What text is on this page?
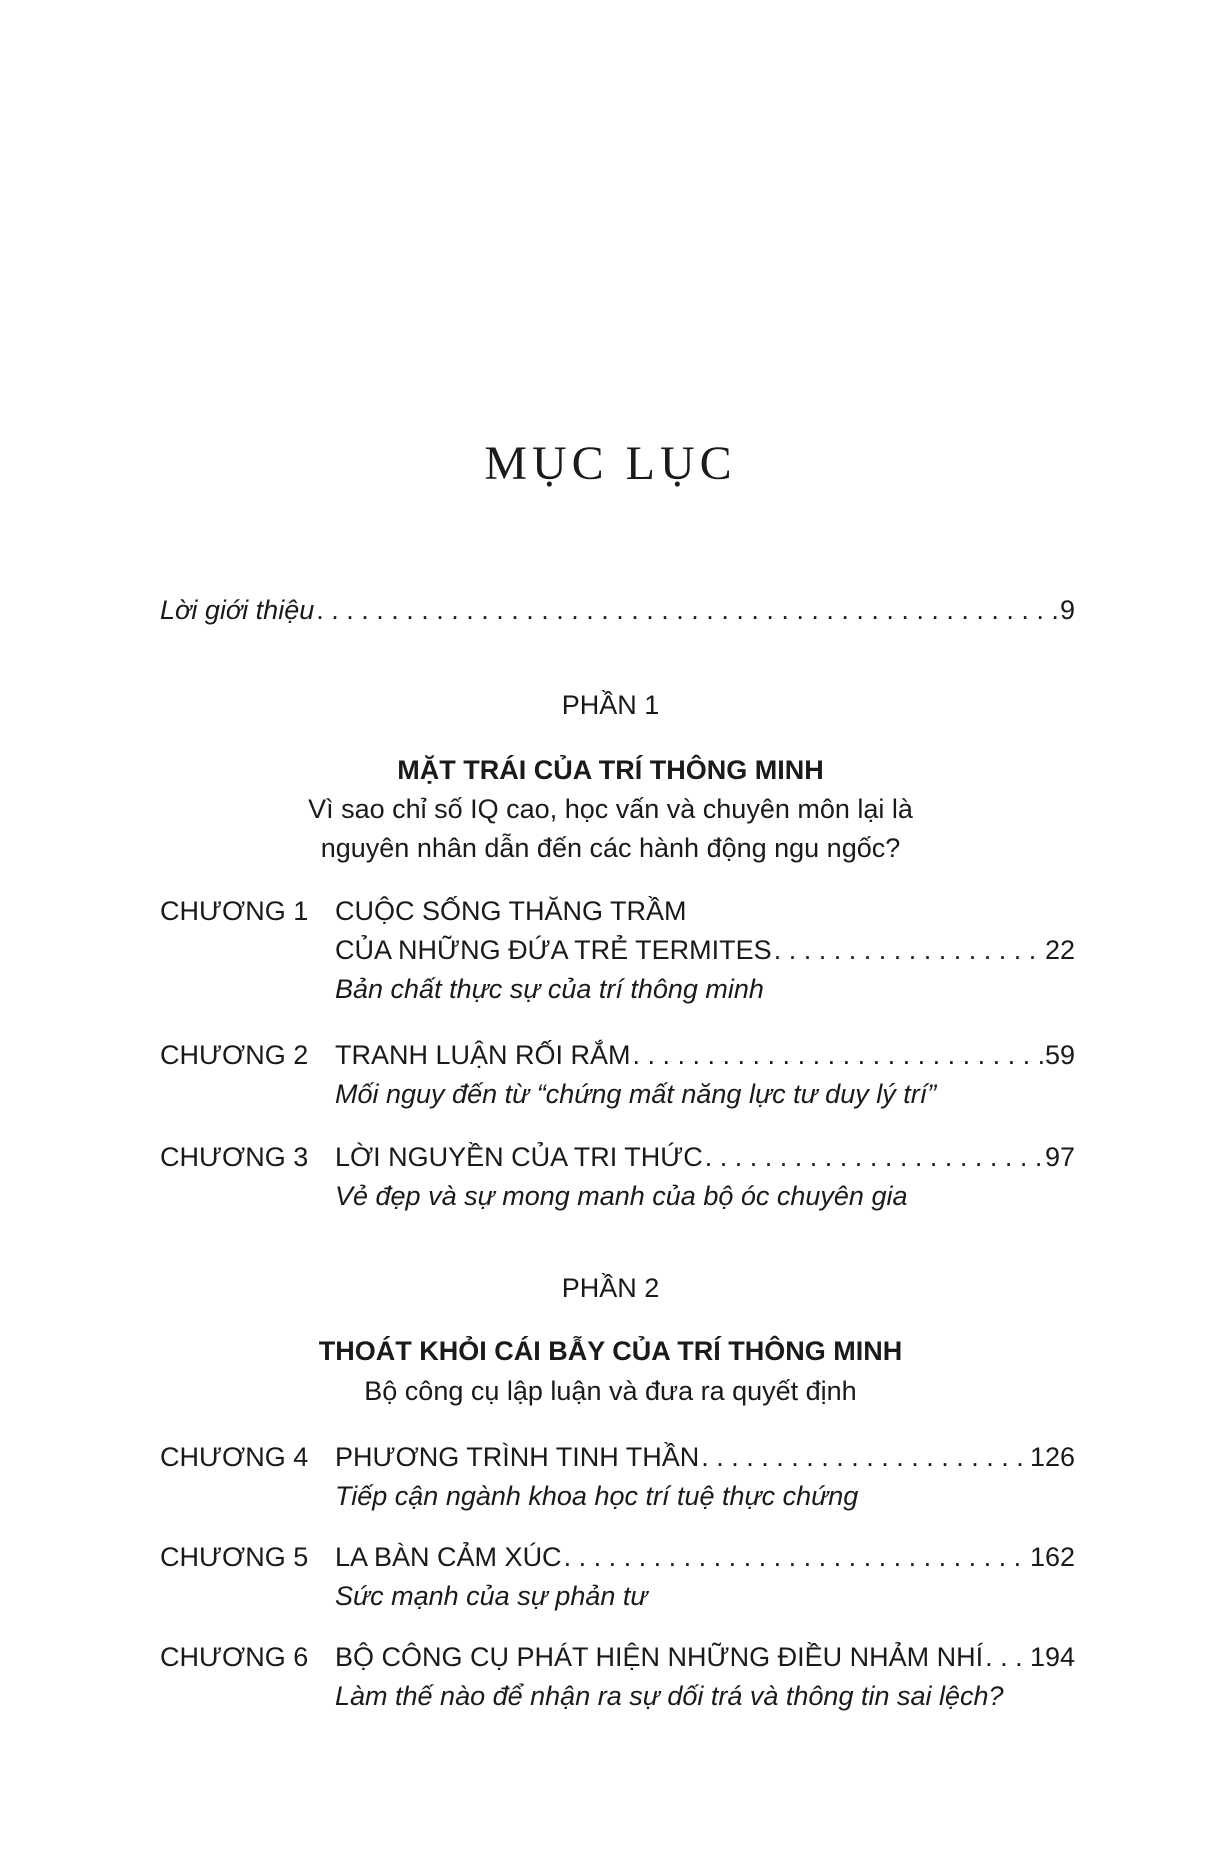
MỤC LỤC
Lời giới thiệu . . .	9
PHẦN 1
MẶT TRÁI CỦA TRÍ THÔNG MINH
Vì sao chỉ số IQ cao, học vấn và chuyên môn lại là
nguyên nhân dẫn đến các hành động ngu ngốc?
CHƯƠNG 1 CUỘC SỐNG THĂNG TRẦM
CỦA NHỮNG ĐỨA TRẺ TERMITES . . .	22
Bản chất thực sự của trí thông minh
CHƯƠNG 2 TRANH LUẬN RỐI RẮM . . .	59
Mối nguy đến từ “chứng mất năng lực tư duy lý trí”
CHƯƠNG 3 LỜI NGUYỀN CỦA TRI THỨC . . .	97
Vẻ đẹp và sự mong manh của bộ óc chuyên gia
PHẦN 2
THOÁT KHỎI CÁI BẪY CỦA TRÍ THÔNG MINH
Bộ công cụ lập luận và đưa ra quyết định
CHƯƠNG 4 PHƯƠNG TRÌNH TINH THẦN . . .	126
Tiếp cận ngành khoa học trí tuệ thực chứng
CHƯƠNG 5 LA BÀN CẢM XÚC . . .	162
Sức mạnh của sự phản tư
CHƯƠNG 6 BỘ CÔNG CỤ PHÁT HIỆN NHỮNG ĐIỀU NHẢM NHÍ . . . 194
Làm thế nào để nhận ra sự dối trá và thông tin sai lệch?
